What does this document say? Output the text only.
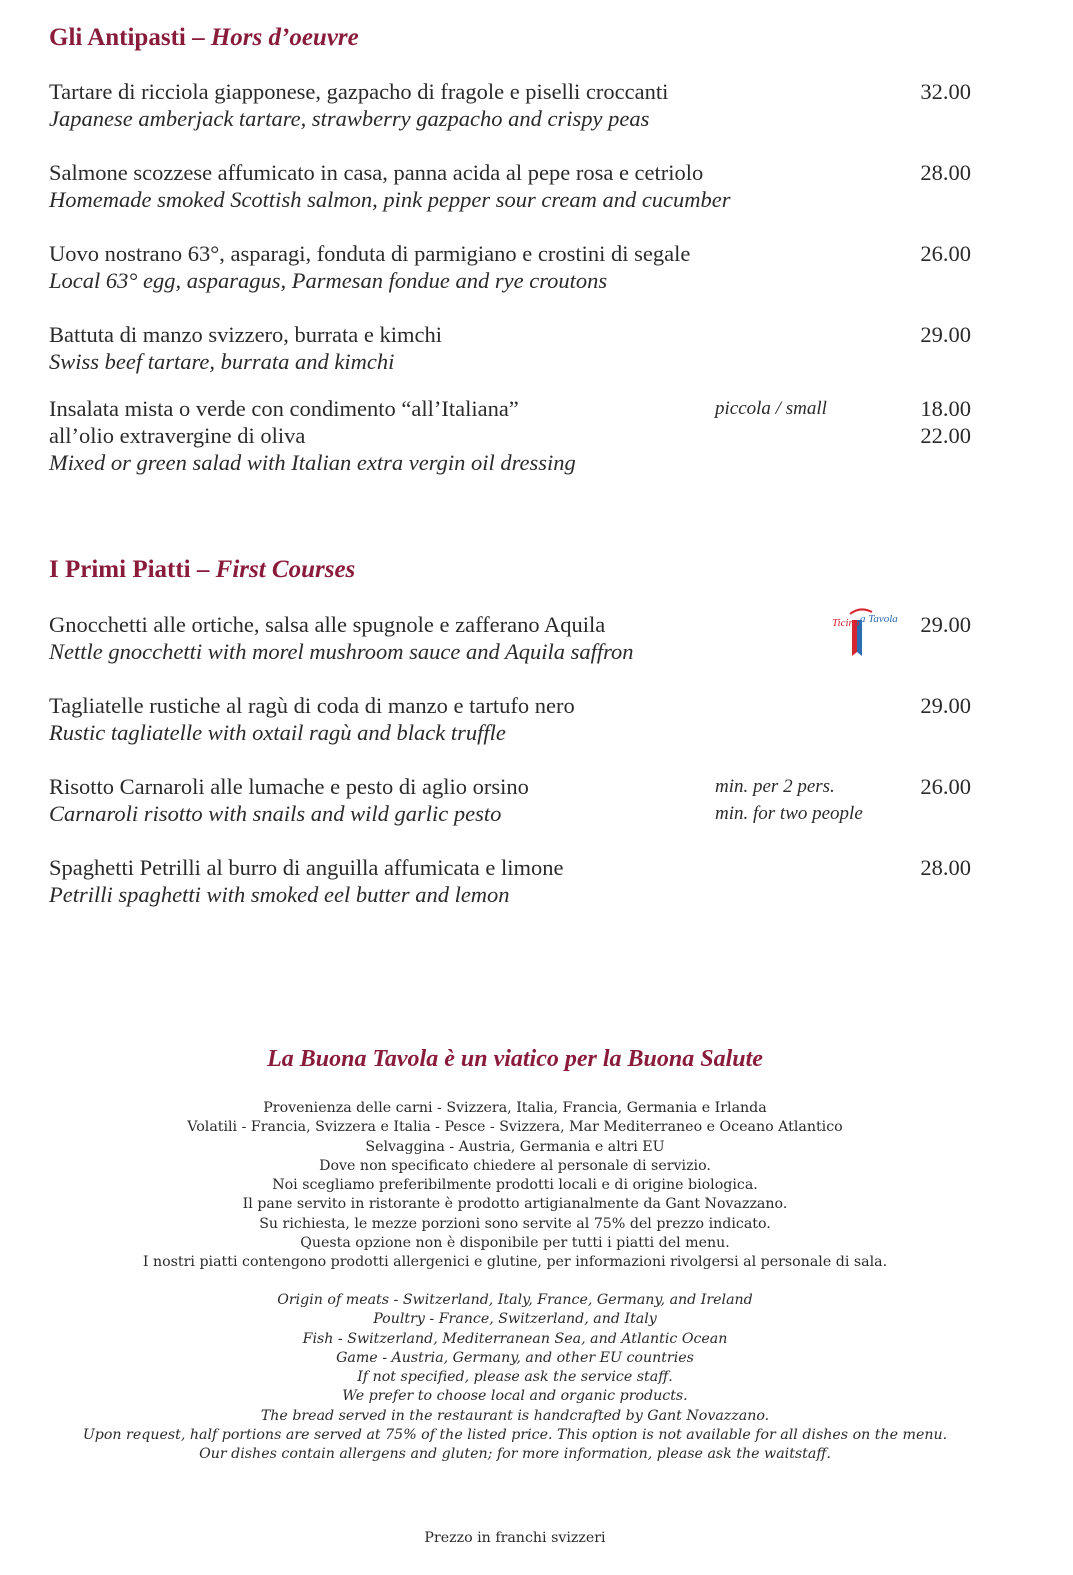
Gli Antipasti – Hors d’oeuvre
Tartare di ricciola giapponese, gazpacho di fragole e piselli croccanti
Japanese amberjack tartare, strawberry gazpacho and crispy peas
32.00
Salmone scozzese affumicato in casa, panna acida al pepe rosa e cetriolo
Homemade smoked Scottish salmon, pink pepper sour cream and cucumber
28.00
Uovo nostrano 63°, asparagi, fonduta di parmigiano e crostini di segale
Local 63° egg, asparagus, Parmesan fondue and rye croutons
26.00
Battuta di manzo svizzero, burrata e kimchi
Swiss beef tartare, burrata and kimchi
29.00
Insalata mista o verde con condimento “all’Italiana”
all’olio extravergine di oliva
Mixed or green salad with Italian extra vergin oil dressing
piccola / small	18.00
22.00
I Primi Piatti – First Courses
Ticino a Tavola
Gnocchetti alle ortiche, salsa alle spugnole e zafferano Aquila
Nettle gnocchetti with morel mushroom sauce and Aquila saffron
29.00
Tagliatelle rustiche al ragù di coda di manzo e tartufo nero
Rustic tagliatelle with oxtail ragù and black truffle
29.00
Risotto Carnaroli alle lumache e pesto di aglio orsino
Carnaroli risotto with snails and wild garlic pesto
min. per 2 pers.
min. for two people
26.00
Spaghetti Petrilli al burro di anguilla affumicata e limone
Petrilli spaghetti with smoked eel butter and lemon
28.00
La Buona Tavola è un viatico per la Buona Salute
Provenienza delle carni - Svizzera, Italia, Francia, Germania e Irlanda
Volatili - Francia, Svizzera e Italia - Pesce - Svizzera, Mar Mediterraneo e Oceano Atlantico
Selvaggina - Austria, Germania e altri EU
Dove non specificato chiedere al personale di servizio.
Noi scegliamo preferibilmente prodotti locali e di origine biologica.
Il pane servito in ristorante è prodotto artigianalmente da Gant Novazzano.
Su richiesta, le mezze porzioni sono servite al 75% del prezzo indicato.
Questa opzione non è disponibile per tutti i piatti del menu.
I nostri piatti contengono prodotti allergenici e glutine, per informazioni rivolgersi al personale di sala.
Origin of meats - Switzerland, Italy, France, Germany, and Ireland
Poultry - France, Switzerland, and Italy
Fish - Switzerland, Mediterranean Sea, and Atlantic Ocean
Game - Austria, Germany, and other EU countries
If not specified, please ask the service staff.
We prefer to choose local and organic products.
The bread served in the restaurant is handcrafted by Gant Novazzano.
Upon request, half portions are served at 75% of the listed price. This option is not available for all dishes on the menu.
Our dishes contain allergens and gluten; for more information, please ask the waitstaff.
Prezzo in franchi svizzeri
